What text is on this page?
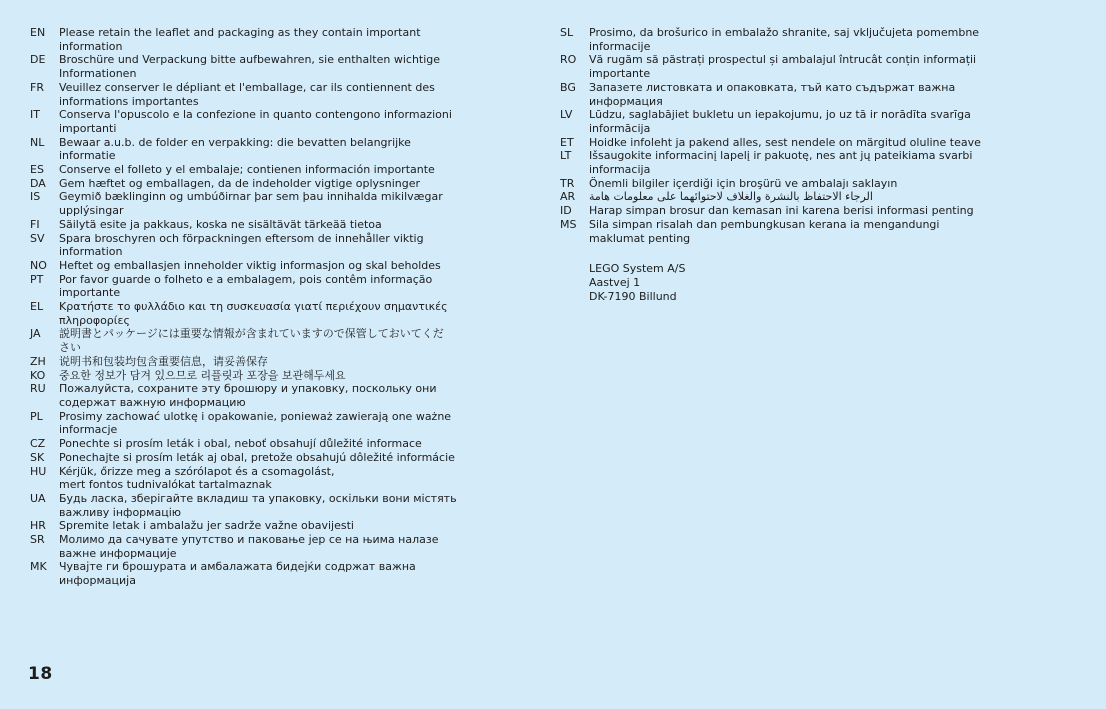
EN	Please retain the leaflet and packaging as they contain important
information
DE	Broschüre und Verpackung bitte aufbewahren, sie enthalten wichtige
Informationen
FR	Veuillez conserver le dépliant et l'emballage, car ils contiennent des
informations importantes
IT	Conserva l'opuscolo e la confezione in quanto contengono informazioni
importanti
NL	Bewaar a.u.b. de folder en verpakking: die bevatten belangrijke
informatie
ES	Conserve el folleto y el embalaje; contienen información importante
DA	Gem hæftet og emballagen, da de indeholder vigtige oplysninger
IS	Geymið bæklinginn og umbúðirnar þar sem þau innihalda mikilvægar
upplýsingar
FI	Säilytä esite ja pakkaus, koska ne sisältävät tärkeää tietoa
SV	Spara broschyren och förpackningen eftersom de innehåller viktig
information
NO	Heftet og emballasjen inneholder viktig informasjon og skal beholdes
PT	Por favor guarde o folheto e a embalagem, pois contêm informação
importante
EL	Κρατήστε το φυλλάδιο και τη συσκευασία γιατί περιέχουν σημαντικές
πληροφορίες
JA	説明書とパッケージには重要な情報が含まれていますので保管しておいてくだ
さい
ZH	说明书和包装均包含重要信息，请妥善保存
KO	중요한 정보가 담겨 있으므로 리플릿과 포장을 보관해두세요
RU	Пожалуйста, сохраните эту брошюру и упаковку, поскольку они
содержат важную информацию
PL	Prosimy zachować ulotkę i opakowanie, ponieważ zawierają one ważne
informacje
CZ	Ponechte si prosím leták i obal, neboť obsahují důležité informace
SK	Ponechajte si prosím leták aj obal, pretože obsahujú dôležité informácie
HU	Kérjük, őrizze meg a szórólapot és a csomagolást,
mert fontos tudnivalókat tartalmaznak
UA	Будь ласка, зберігайте вкладиш та упаковку, оскільки вони містять
важливу інформацію
HR	Spremite letak i ambalažu jer sadrže važne obavijesti
SR	Молимо да сачувате упутство и паковање јер се на њима налазе
важне информације
MK	Чувајте ги брошурата и амбалажата бидејќи содржат важна
информација
SL	Prosimo, da brošurico in embalažo shranite, saj vključujeta pomembne
informacije
RO	Vă rugăm să păstrați prospectul și ambalajul întrucât conțin informații
importante
BG	Запазете листовката и опаковката, тъй като съдържат важна
информация
LV	Lūdzu, saglabājiet bukletu un iepakojumu, jo uz tā ir norādīta svarīga
informācija
ET	Hoidke infoleht ja pakend alles, sest nendele on märgitud oluline teave
LT	Išsaugokite informacinį lapelį ir pakuotę, nes ant jų pateikiama svarbi
informacija
TR	Önemli bilgiler içerdiği için broşürü ve ambalajı saklayın
AR	الرجاء الاحتفاظ بالنشرة والغلاف لاحتوائهما على معلومات هامة
ID	Harap simpan brosur dan kemasan ini karena berisi informasi penting
MS	Sila simpan risalah dan pembungkusan kerana ia mengandungi
maklumat penting
LEGO System A/S
Aastvej 1
DK-7190 Billund
18
